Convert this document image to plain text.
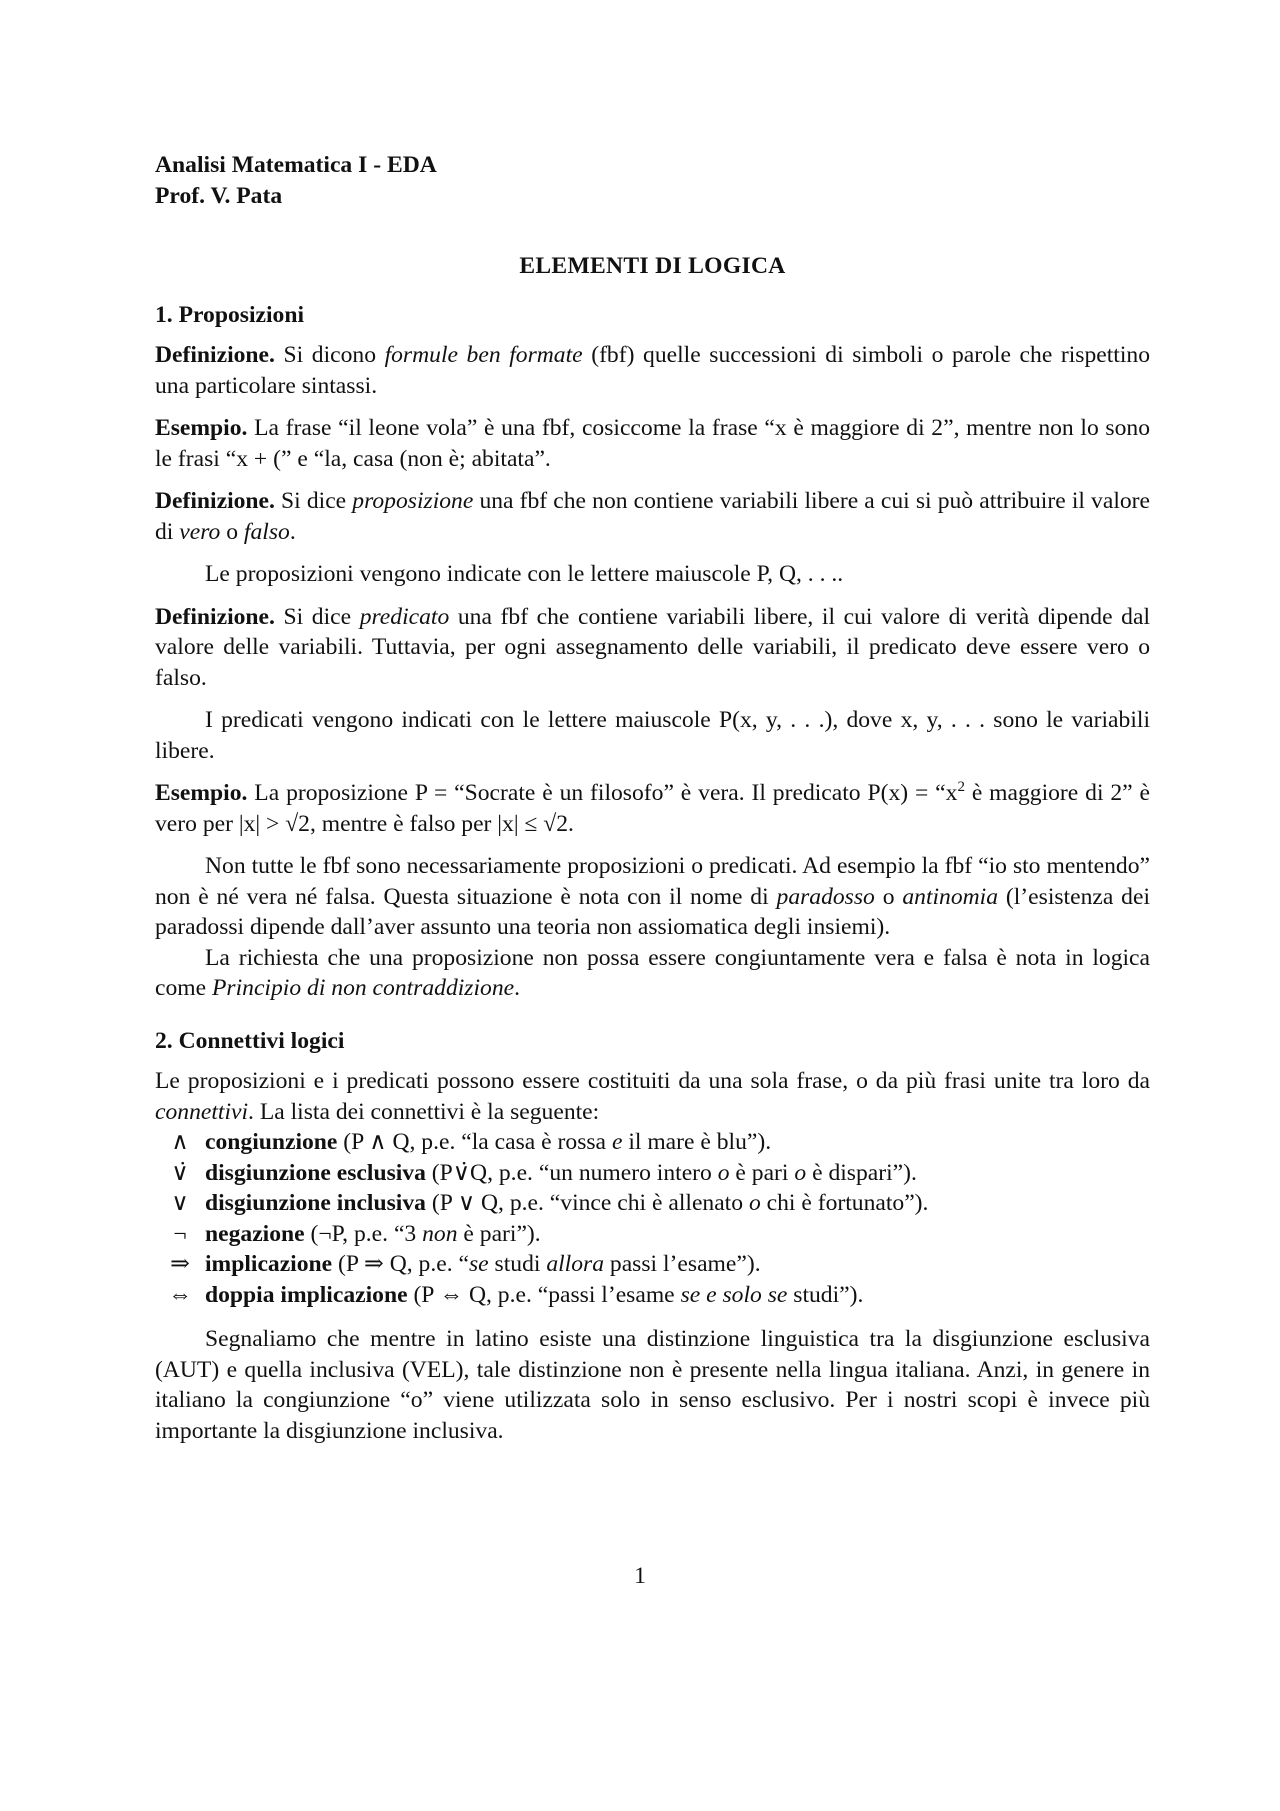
Analisi Matematica I - EDA

Prof. V. Pata

ELEMENTI DI LOGICA
1. Proposizioni

Definizione. Si dicono formule ben formate (fbf) quelle successioni di simboli o parole che rispettino una particolare sintassi.

Esempio. La frase “il leone vola” è una fbf, cosiccome la frase “x è maggiore di 2”, mentre non lo sono le frasi “x + (” e “la, casa (non è; abitata”.

Definizione. Si dice proposizione una fbf che non contiene variabili libere a cui si può attribuire il valore di vero o falso.

Le proposizioni vengono indicate con le lettere maiuscole P, Q, . . ..

Definizione. Si dice predicato una fbf che contiene variabili libere, il cui valore di verità dipende dal valore delle variabili. Tuttavia, per ogni assegnamento delle variabili, il predicato deve essere vero o falso.

I predicati vengono indicati con le lettere maiuscole P(x, y, . . .), dove x, y, . . . sono le variabili libere.

Esempio. La proposizione P = “Socrate è un filosofo” è vera. Il predicato $P(x) = “x^2$ è maggiore di 2” è vero per |x| > √2, mentre è falso per |x| ≤ √2.

Non tutte le fbf sono necessariamente proposizioni o predicati. Ad esempio la fbf “io sto mentendo” non è né vera né falsa. Questa situazione è nota con il nome di paradosso o antinomia (l’esistenza dei paradossi dipende dall’aver assunto una teoria non assiomatica degli insiemi).

La richiesta che una proposizione non possa essere congiuntamente vera e falsa è nota in logica come Principio di non contraddizione.

2. Connettivi logici

Le proposizioni e i predicati possono essere costituiti da una sola frase, o da più frasi unite tra loro da connettivi. La lista dei connettivi è la seguente:

∧ congiunzione (P ∧ Q, p.e. “la casa è rossa e il mare è blu”).
∨̇ disgiunzione esclusiva (P∨̇Q, p.e. “un numero intero o è pari o è dispari”).
∨ disgiunzione inclusiva (P ∨ Q, p.e. “vince chi è allenato o chi è fortunato”).
¬ negazione (¬P, p.e. “3 non è pari”).
⇒ implicazione (P ⇒ Q, p.e. “se studi allora passi l’esame”).
⇔ doppia implicazione (P ⇔ Q, p.e. “passi l’esame se e solo se studi”).

Segnaliamo che mentre in latino esiste una distinzione linguistica tra la disgiunzione esclusiva (AUT) e quella inclusiva (VEL), tale distinzione non è presente nella lingua italiana. Anzi, in genere in italiano la congiunzione “o” viene utilizzata solo in senso esclusivo. Per i nostri scopi è invece più importante la disgiunzione inclusiva.

1
